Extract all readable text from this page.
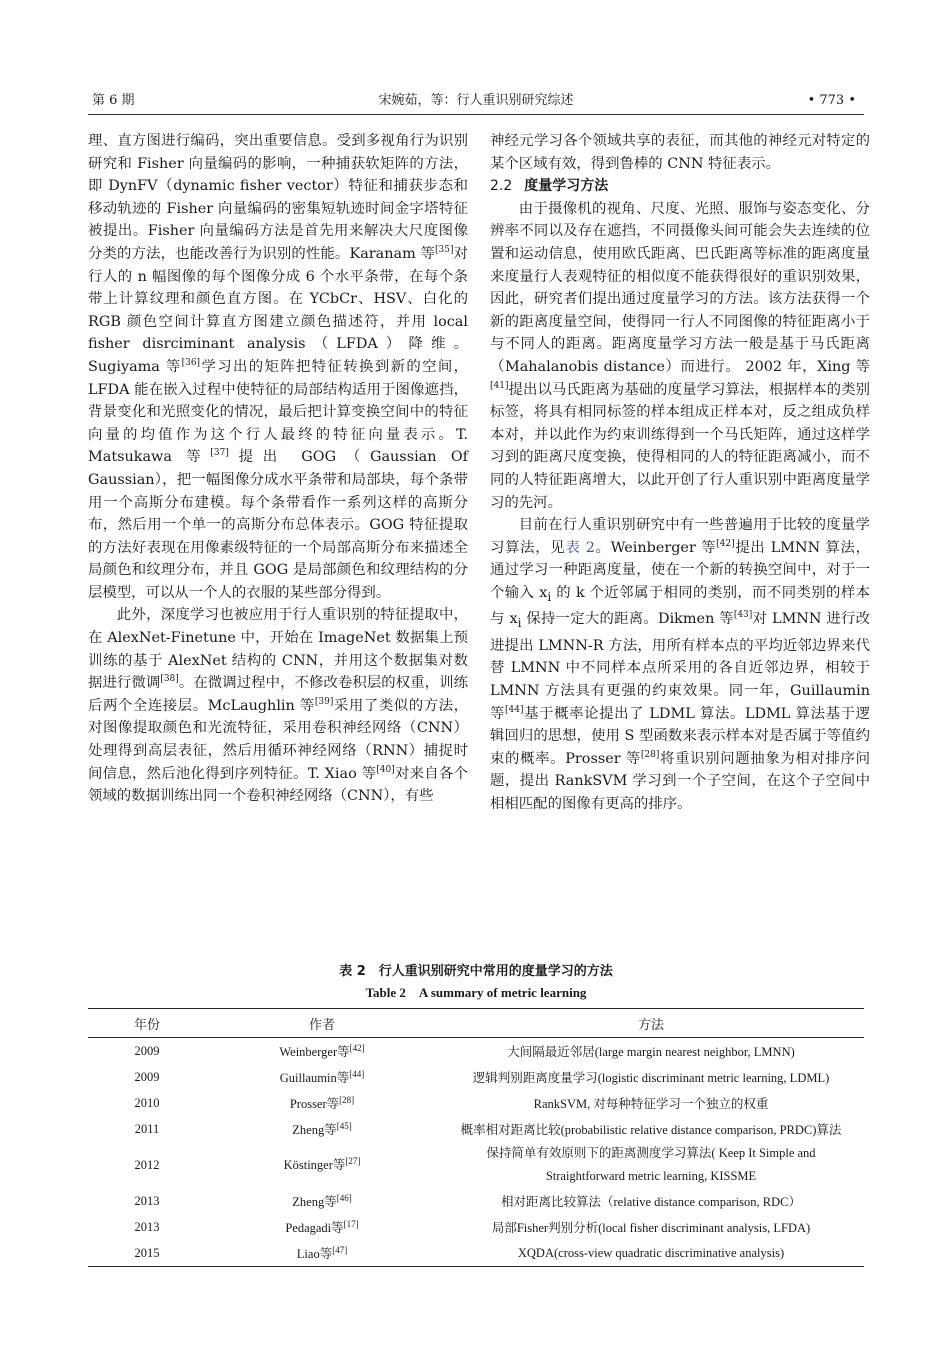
第 6 期	宋婉茹，等：行人重识别研究综述	• 773 •

理、直方图进行编码，突出重要信息。受到多视角行为识别研究和 Fisher 向量编码的影响，一种捕获软矩阵的方法，即 DynFV（dynamic fisher vector）特征和捕获步态和移动轨迹的 Fisher 向量编码的密集短轨迹时间金字塔特征被提出。Fisher 向量编码方法是首先用来解决大尺度图像分类的方法，也能改善行为识别的性能。Karanam 等[35]对行人的 n 幅图像的每个图像分成 6 个水平条带，在每个条带上计算纹理和颜色直方图。在 YCbCr、HSV、白化的 RGB 颜色空间计算直方图建立颜色描述符，并用 local fisher disrciminant analysis（LFDA）降维。Sugiyama 等[36]学习出的矩阵把特征转换到新的空间，LFDA 能在嵌入过程中使特征的局部结构适用于图像遮挡，背景变化和光照变化的情况，最后把计算变换空间中的特征向量的均值作为这个行人最终的特征向量表示。T. Matsukawa 等[37]提出 GOG（Gaussian Of Gaussian），把一幅图像分成水平条带和局部块，每个条带用一个高斯分布建模。每个条带看作一系列这样的高斯分布，然后用一个单一的高斯分布总体表示。GOG 特征提取的方法好表现在用像素级特征的一个局部高斯分布来描述全局颜色和纹理分布，并且 GOG 是局部颜色和纹理结构的分层模型，可以从一个人的衣服的某些部分得到。

此外，深度学习也被应用于行人重识别的特征提取中，在 AlexNet-Finetune 中，开始在 ImageNet 数据集上预训练的基于 AlexNet 结构的 CNN，并用这个数据集对数据进行微调[38]。在微调过程中，不修改卷积层的权重，训练后两个全连接层。McLaughlin 等[39]采用了类似的方法，对图像提取颜色和光流特征，采用卷积神经网络（CNN）处理得到高层表征，然后用循环神经网络（RNN）捕捉时间信息，然后池化得到序列特征。T. Xiao 等[40]对来自各个领域的数据训练出同一个卷积神经网络（CNN），有些

神经元学习各个领域共享的表征，而其他的神经元对特定的某个区域有效，得到鲁棒的 CNN 特征表示。

2.2 度量学习方法

由于摄像机的视角、尺度、光照、服饰与姿态变化、分辨率不同以及存在遮挡，不同摄像头间可能会失去连续的位置和运动信息，使用欧氏距离、巴氏距离等标准的距离度量来度量行人表观特征的相似度不能获得很好的重识别效果，因此，研究者们提出通过度量学习的方法。该方法获得一个新的距离度量空间，使得同一行人不同图像的特征距离小于与不同人的距离。距离度量学习方法一般是基于马氏距离（Mahalanobis distance）而进行。 2002 年，Xing 等[41]提出以马氏距离为基础的度量学习算法，根据样本的类别标签，将具有相同标签的样本组成正样本对，反之组成负样本对，并以此作为约束训练得到一个马氏矩阵，通过这样学习到的距离尺度变换，使得相同的人的特征距离减小，而不同的人特征距离增大，以此开创了行人重识别中距离度量学习的先河。

目前在行人重识别研究中有一些普遍用于比较的度量学习算法，见表 2。Weinberger 等[42]提出 LMNN 算法，通过学习一种距离度量，使在一个新的转换空间中，对于一个输入 $x_i$ 的 k 个近邻属于相同的类别，而不同类别的样本与 $x_i$ 保持一定大的距离。Dikmen 等[43]对 LMNN 进行改进提出 LMNN-R 方法，用所有样本点的平均近邻边界来代替 LMNN 中不同样本点所采用的各自近邻边界，相较于 LMNN 方法具有更强的约束效果。同一年，Guillaumin 等[44]基于概率论提出了 LDML 算法。LDML 算法基于逻辑回归的思想，使用 S 型函数来表示样本对是否属于等值约束的概率。Prosser 等[28]将重识别问题抽象为相对排序问题，提出 RankSVM 学习到一个子空间，在这个子空间中相相匹配的图像有更高的排序。

表 2　行人重识别研究中常用的度量学习的方法
Table 2　A summary of metric learning
年份	作者	方法
2009	Weinberger等[42]	大间隔最近邻居(large margin nearest neighbor, LMNN)
2009	Guillaumin等[44]	逻辑判别距离度量学习(logistic discriminant metric learning, LDML)
2010	Prosser等[28]	RankSVM, 对每种特征学习一个独立的权重
2011	Zheng等[45]	概率相对距离比较(probabilistic relative distance comparison, PRDC)算法
2012	Köstinger等[27]	保持简单有效原则下的距离测度学习算法( Keep It Simple and
Straightforward metric learning, KISSME

2013	Zheng等[46]	相对距离比较算法（relative distance comparison, RDC）
2013	Pedagadi等[17]	局部Fisher判别分析(local fisher discriminant analysis, LFDA)
2015	Liao等[47]	XQDA(cross-view quadratic discriminative analysis)
